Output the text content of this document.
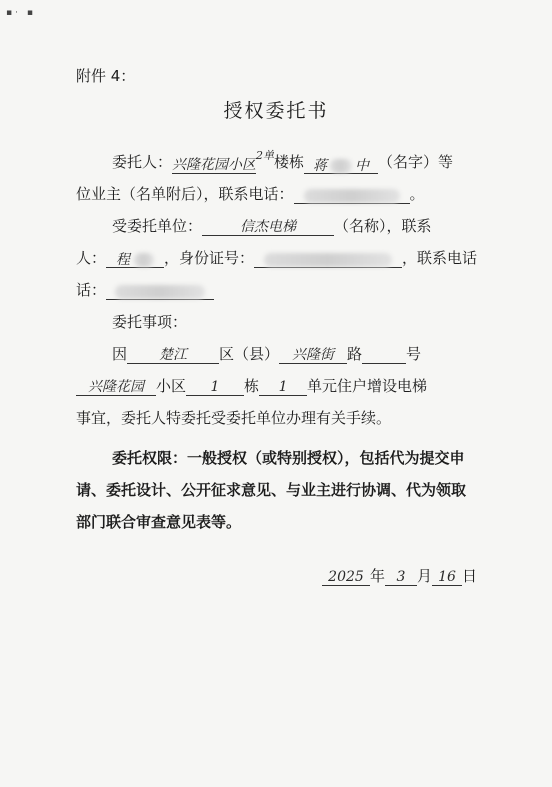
▪· ▪
附件 4：
授权委托书
委托人：兴隆花园小区$^{2单}$楼栋 蒋 中 （名字）等
位业主（名单附后），联系电话：	。
受委托单位：	信杰电梯	（名称），联系
人： 程 ，身份证号：	，联系电话
话：
委托事项：
因 楚江 区（县） 兴隆街 路	号
兴隆花园 小区 1 栋 1 单元住户增设电梯
事宜，委托人特委托受委托单位办理有关手续。
委托权限：一般授权（或特别授权），包括代为提交申
请、委托设计、公开征求意见、与业主进行协调、代为领取
部门联合审查意见表等。
2025 年 3 月 16 日
